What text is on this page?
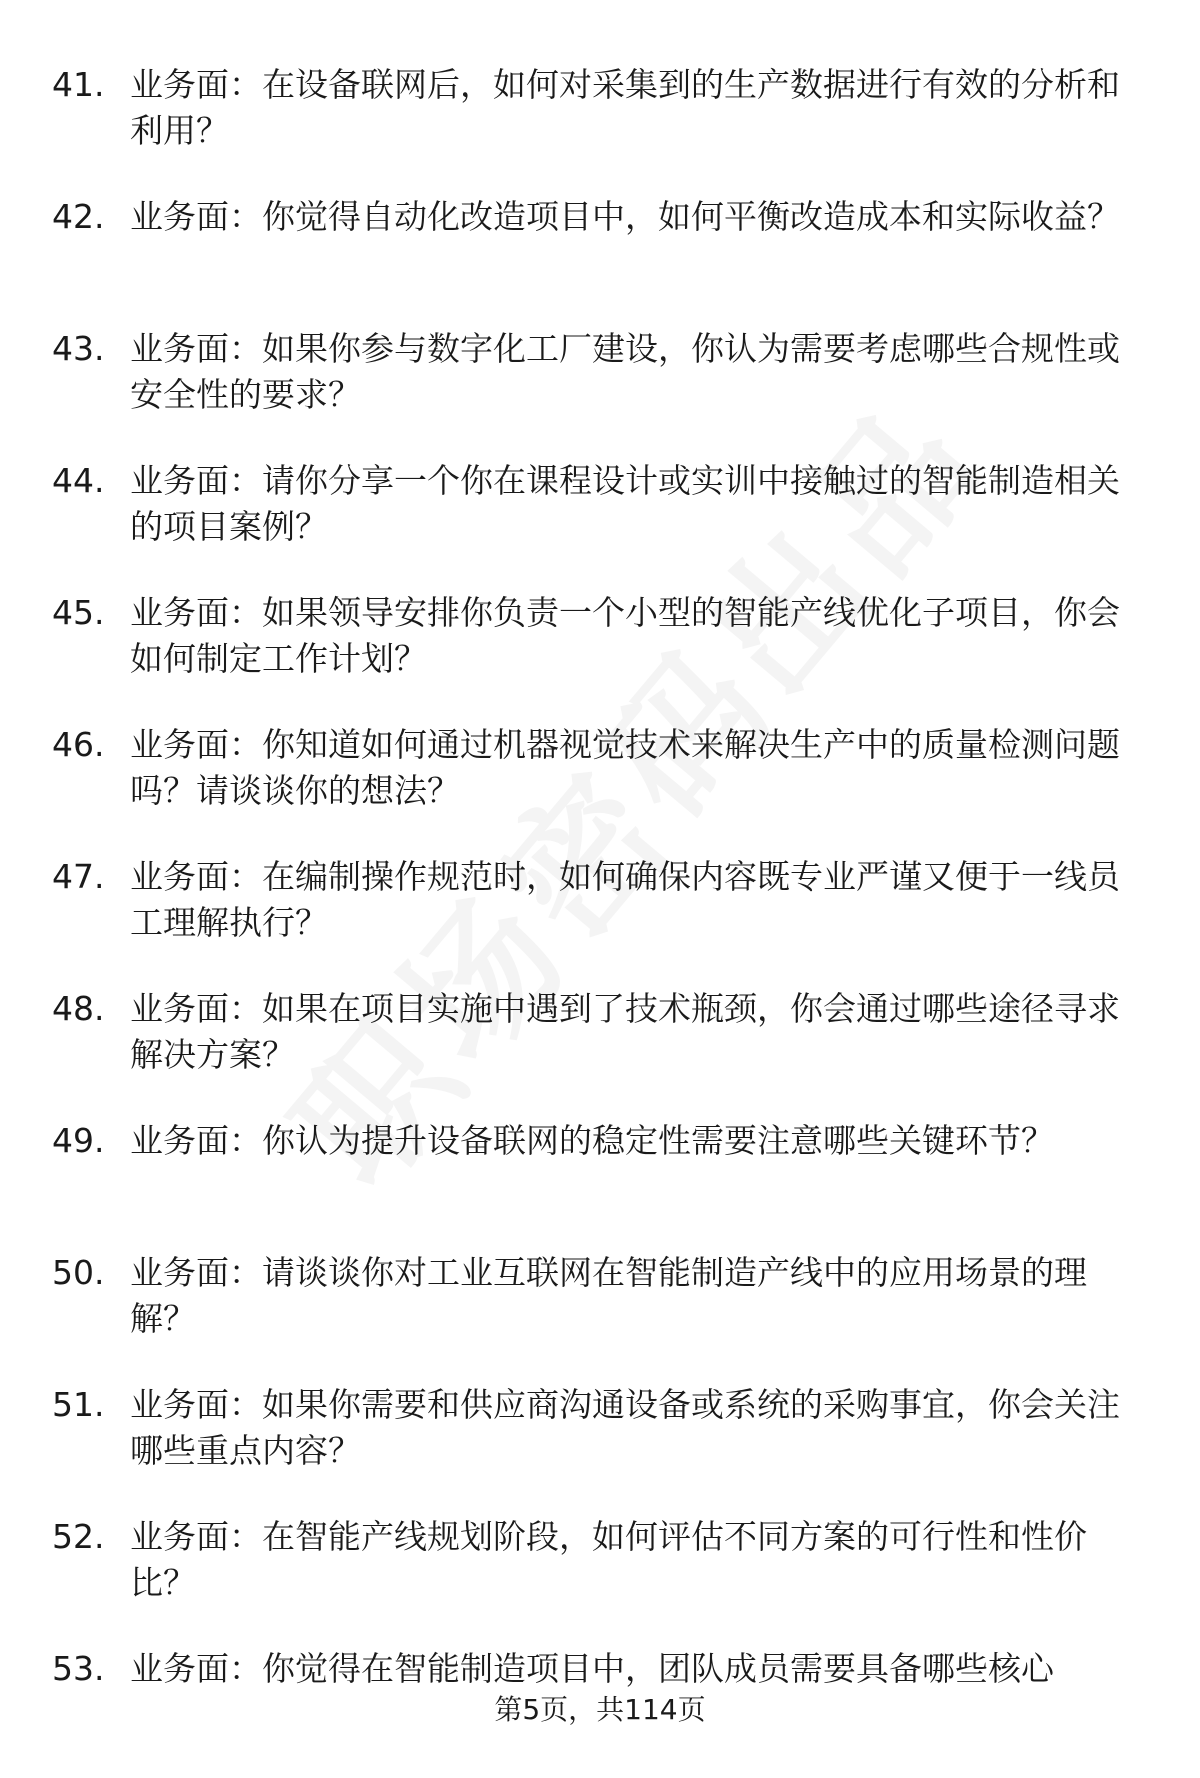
41. 业务面：在设备联网后，如何对采集到的生产数据进行有效的分析和利用？
42. 业务面：你觉得自动化改造项目中，如何平衡改造成本和实际收益？
43. 业务面：如果你参与数字化工厂建设，你认为需要考虑哪些合规性或安全性的要求？
44. 业务面：请你分享一个你在课程设计或实训中接触过的智能制造相关的项目案例？
45. 业务面：如果领导安排你负责一个小型的智能产线优化子项目，你会如何制定工作计划？
46. 业务面：你知道如何通过机器视觉技术来解决生产中的质量检测问题吗？请谈谈你的想法？
47. 业务面：在编制操作规范时，如何确保内容既专业严谨又便于一线员工理解执行？
48. 业务面：如果在项目实施中遇到了技术瓶颈，你会通过哪些途径寻求解决方案？
49. 业务面：你认为提升设备联网的稳定性需要注意哪些关键环节？
50. 业务面：请谈谈你对工业互联网在智能制造产线中的应用场景的理解？
51. 业务面：如果你需要和供应商沟通设备或系统的采购事宜，你会关注哪些重点内容？
52. 业务面：在智能产线规划阶段，如何评估不同方案的可行性和性价比？
53. 业务面：你觉得在智能制造项目中，团队成员需要具备哪些核心
第5页，共114页
